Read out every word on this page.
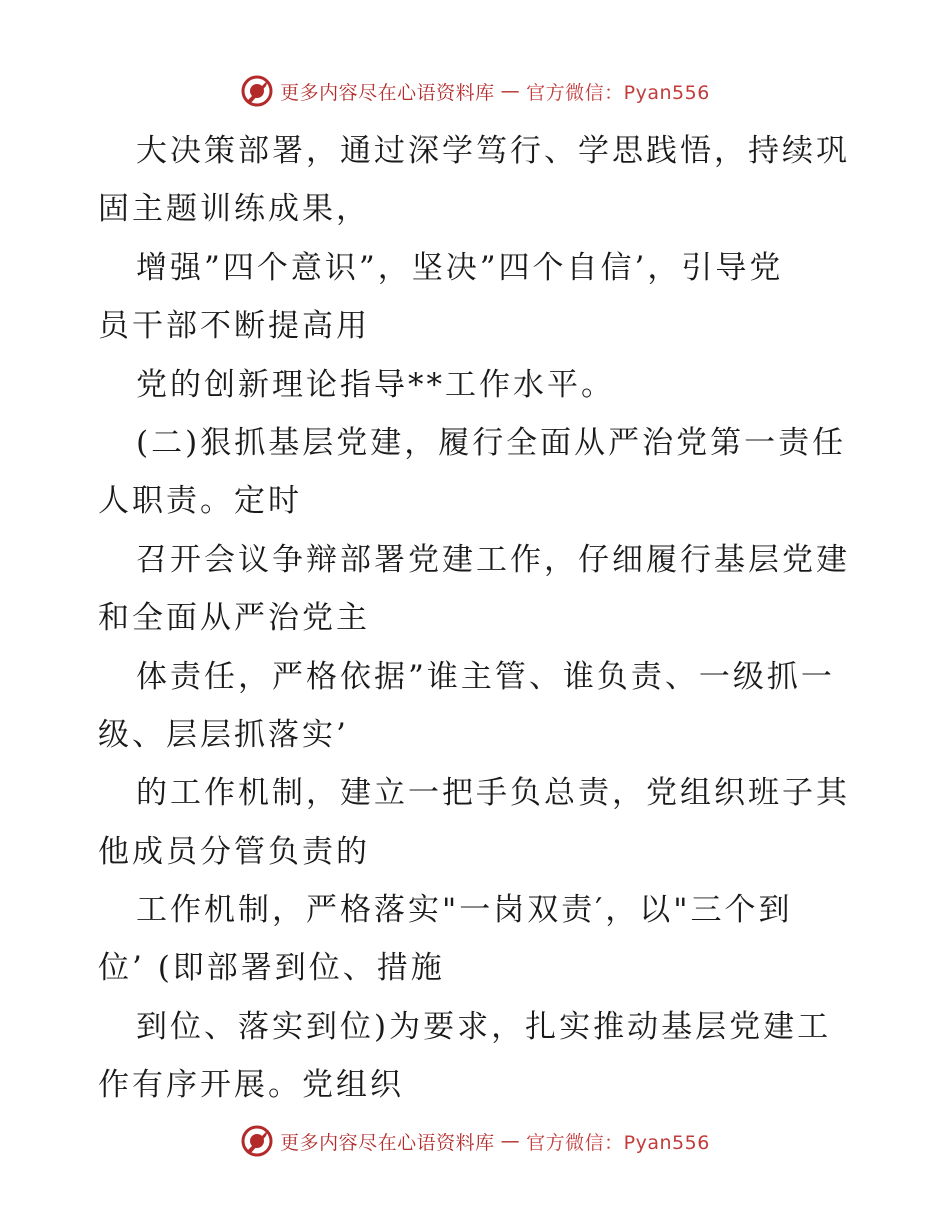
更多内容尽在心语资料库 — 官方微信：Pyan556
大决策部署，通过深学笃行、学思践悟，持续巩
固主题训练成果，
增强”四个意识”，坚决”四个自信’，引导党
员干部不断提高用
党的创新理论指导**工作水平。
(二)狠抓基层党建，履行全面从严治党第一责任
人职责。定时
召开会议争辩部署党建工作，仔细履行基层党建
和全面从严治党主
体责任，严格依据”谁主管、谁负责、一级抓一
级、层层抓落实’
的工作机制，建立一把手负总责，党组织班子其
他成员分管负责的
工作机制，严格落实"一岗双责′，以"三个到
位’ (即部署到位、措施
到位、落实到位)为要求，扎实推动基层党建工
作有序开展。党组织
更多内容尽在心语资料库 — 官方微信：Pyan556
